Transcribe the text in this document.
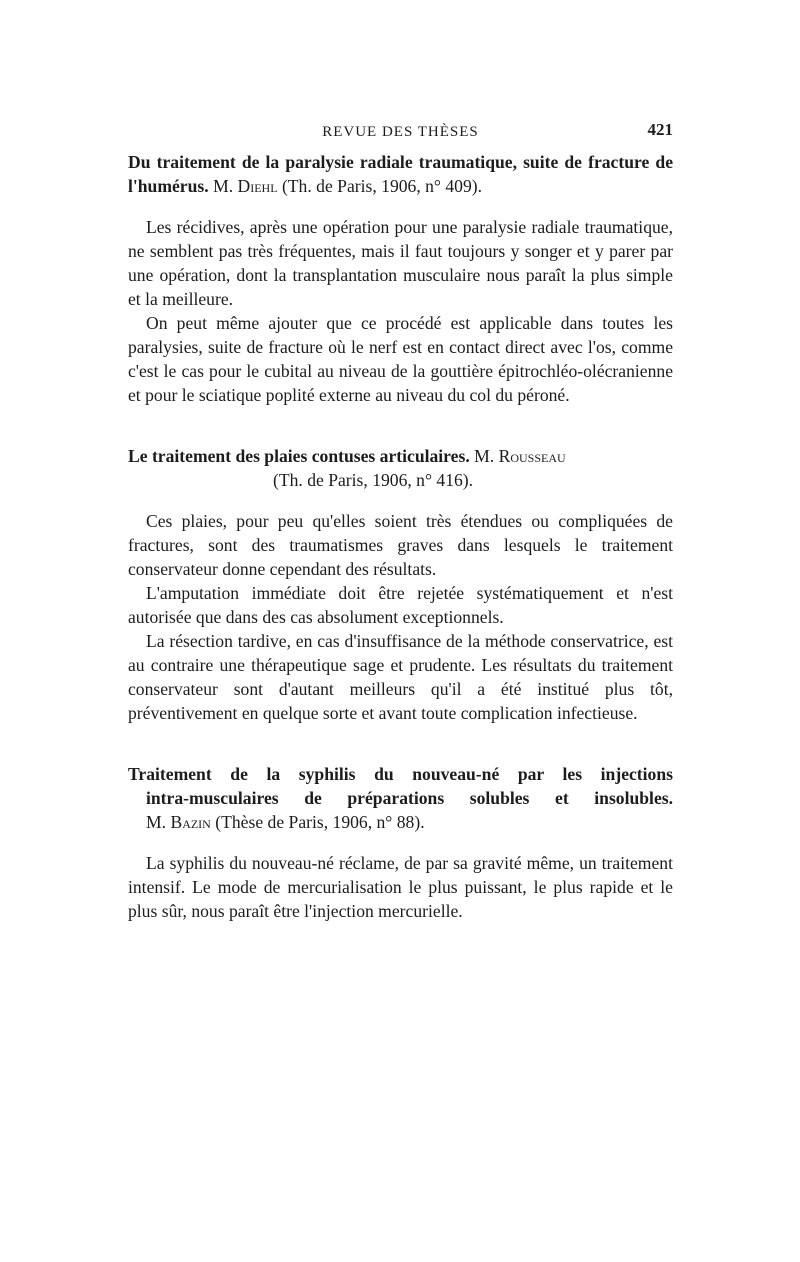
REVUE DES THÈSES	421

Du traitement de la paralysie radiale traumatique, suite de fracture de l'humérus. M. Diehl (Th. de Paris, 1906, n° 409).

Les récidives, après une opération pour une paralysie radiale traumatique, ne semblent pas très fréquentes, mais il faut toujours y songer et y parer par une opération, dont la transplantation musculaire nous paraît la plus simple et la meilleure.

On peut même ajouter que ce procédé est applicable dans toutes les paralysies, suite de fracture où le nerf est en contact direct avec l'os, comme c'est le cas pour le cubital au niveau de la gouttière épitrochléo-olécranienne et pour le sciatique poplité externe au niveau du col du péroné.

Le traitement des plaies contuses articulaires. M. Rousseau
(Th. de Paris, 1906, n° 416).

Ces plaies, pour peu qu'elles soient très étendues ou compliquées de fractures, sont des traumatismes graves dans lesquels le traitement conservateur donne cependant des résultats.

L'amputation immédiate doit être rejetée systématiquement et n'est autorisée que dans des cas absolument exceptionnels.

La résection tardive, en cas d'insuffisance de la méthode conservatrice, est au contraire une thérapeutique sage et prudente. Les résultats du traitement conservateur sont d'autant meilleurs qu'il a été institué plus tôt, préventivement en quelque sorte et avant toute complication infectieuse.

Traitement de la syphilis du nouveau-né par les injections
intra-musculaires de préparations solubles et insolubles.
M. Bazin (Thèse de Paris, 1906, n° 88).

La syphilis du nouveau-né réclame, de par sa gravité même, un traitement intensif. Le mode de mercurialisation le plus puissant, le plus rapide et le plus sûr, nous paraît être l'injection mercurielle.
